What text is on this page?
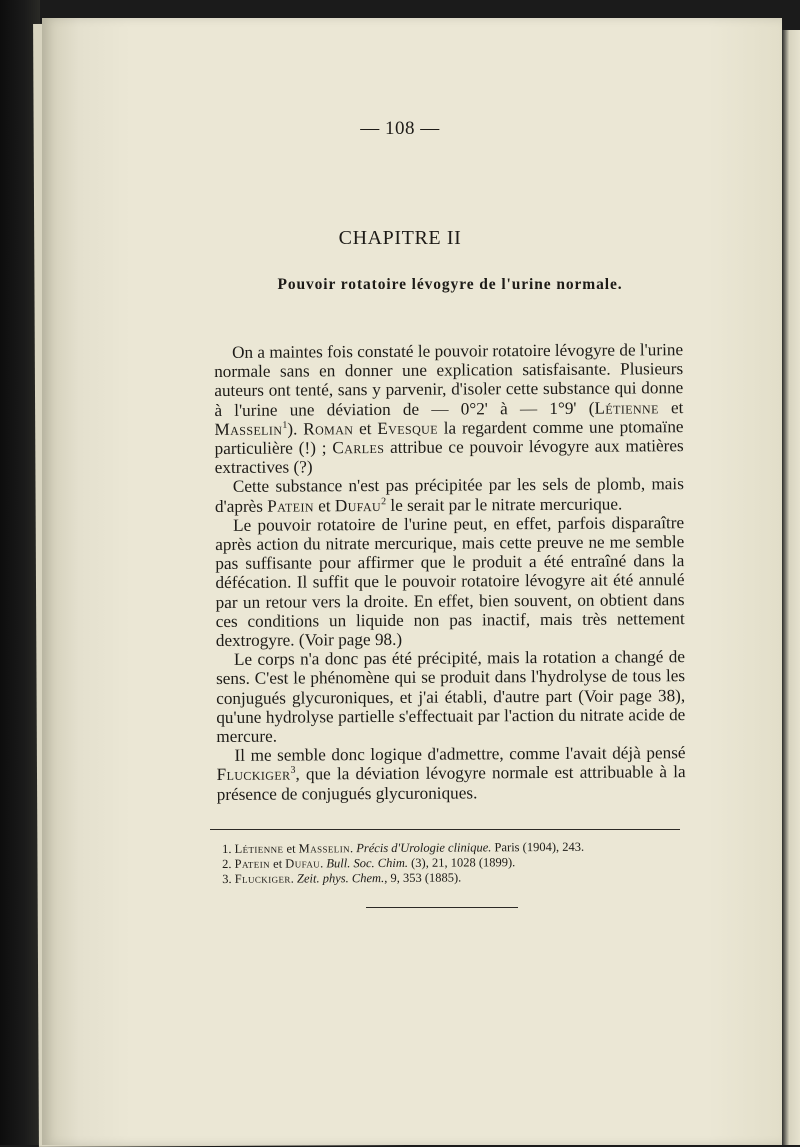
— 108 —
CHAPITRE II
Pouvoir rotatoire lévogyre de l'urine normale.

On a maintes fois constaté le pouvoir rotatoire lévogyre de l'urine normale sans en donner une explication satisfaisante. Plusieurs auteurs ont tenté, sans y parvenir, d'isoler cette substance qui donne à l'urine une déviation de — 0°2' à — 1°9' (Létienne et Masselin$^1$). Roman et Evesque la regardent comme une ptomaïne particulière (!) ; Carles attribue ce pouvoir lévogyre aux matières extractives (?)

Cette substance n'est pas précipitée par les sels de plomb, mais d'après Patein et Dufau$^2$ le serait par le nitrate mercurique.

Le pouvoir rotatoire de l'urine peut, en effet, parfois disparaître après action du nitrate mercurique, mais cette preuve ne me semble pas suffisante pour affirmer que le produit a été entraîné dans la défécation. Il suffit que le pouvoir rotatoire lévogyre ait été annulé par un retour vers la droite. En effet, bien souvent, on obtient dans ces conditions un liquide non pas inactif, mais très nettement dextrogyre. (Voir page 98.)

Le corps n'a donc pas été précipité, mais la rotation a changé de sens. C'est le phénomène qui se produit dans l'hydrolyse de tous les conjugués glycuroniques, et j'ai établi, d'autre part (Voir page 38), qu'une hydrolyse partielle s'effectuait par l'action du nitrate acide de mercure.

Il me semble donc logique d'admettre, comme l'avait déjà pensé Fluckiger$^3$, que la déviation lévogyre normale est attribuable à la présence de conjugués glycuroniques.

1. Létienne et Masselin. Précis d'Urologie clinique. Paris (1904), 243.
2. Patein et Dufau. Bull. Soc. Chim. (3), 21, 1028 (1899).
3. Fluckiger. Zeit. phys. Chem., 9, 353 (1885).
